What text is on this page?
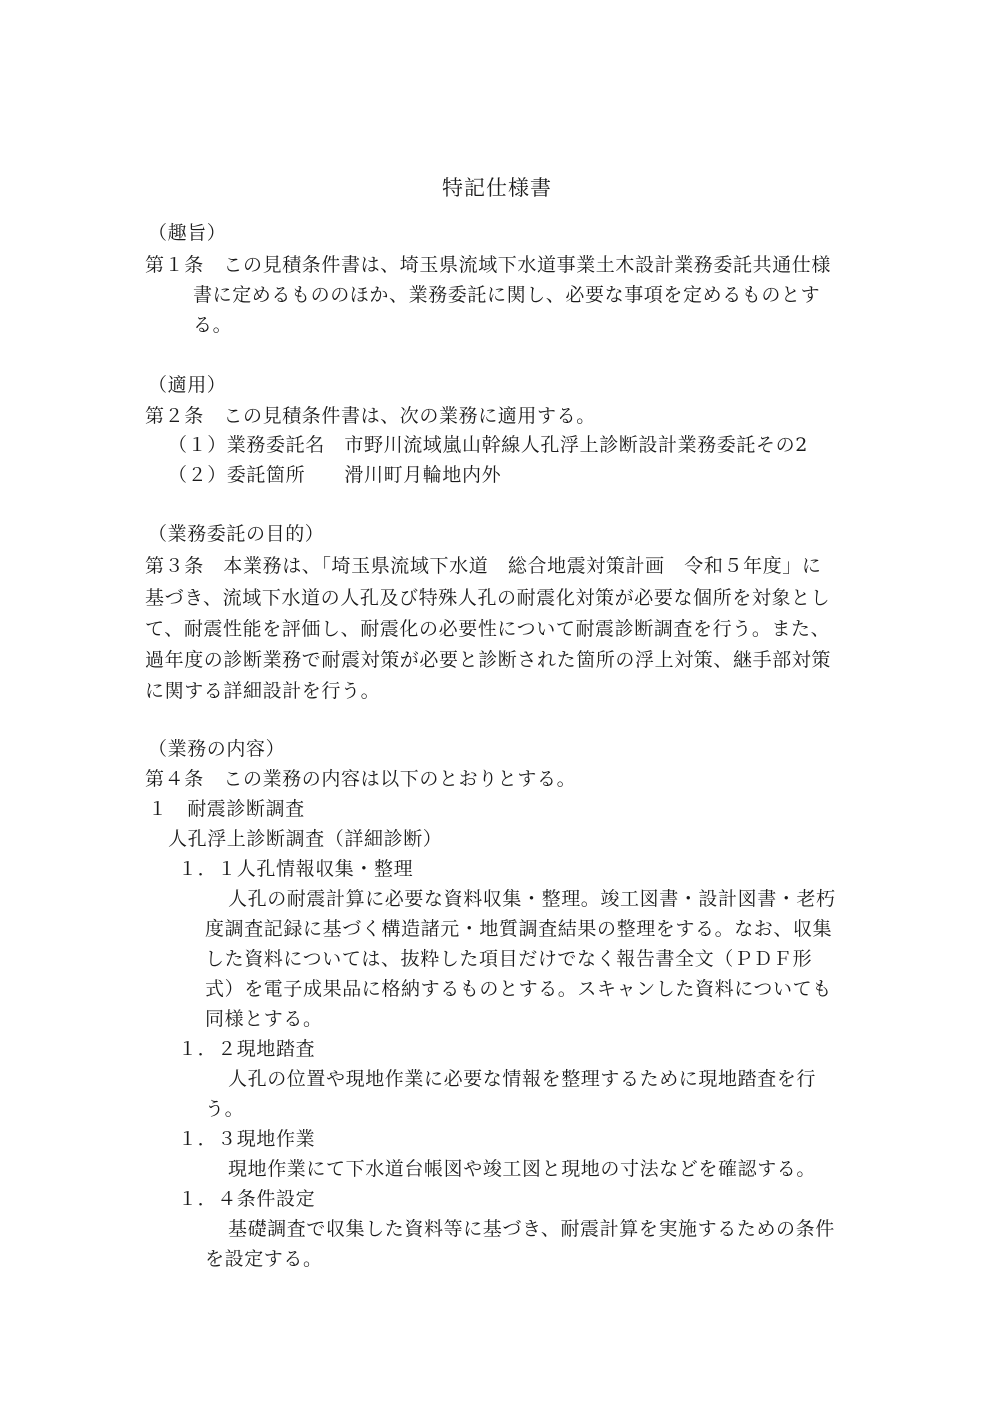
特記仕様書
（趣旨）
第１条　この見積条件書は、埼玉県流域下水道事業土木設計業務委託共通仕様
書に定めるもののほか、業務委託に関し、必要な事項を定めるものとす
る。
（適用）
第２条　この見積条件書は、次の業務に適用する。
（１）業務委託名　市野川流域嵐山幹線人孔浮上診断設計業務委託その2
（２）委託箇所　　滑川町月輪地内外
（業務委託の目的）
第３条　本業務は、「埼玉県流域下水道　総合地震対策計画　令和５年度」に
基づき、流域下水道の人孔及び特殊人孔の耐震化対策が必要な個所を対象とし
て、耐震性能を評価し、耐震化の必要性について耐震診断調査を行う。また、
過年度の診断業務で耐震対策が必要と診断された箇所の浮上対策、継手部対策
に関する詳細設計を行う。
（業務の内容）
第４条　この業務の内容は以下のとおりとする。
１　耐震診断調査
人孔浮上診断調査（詳細診断）
１．１人孔情報収集・整理
人孔の耐震計算に必要な資料収集・整理。竣工図書・設計図書・老朽
度調査記録に基づく構造諸元・地質調査結果の整理をする。なお、収集
した資料については、抜粋した項目だけでなく報告書全文（ＰＤＦ形
式）を電子成果品に格納するものとする。スキャンした資料についても
同様とする。
１．２現地踏査
人孔の位置や現地作業に必要な情報を整理するために現地踏査を行
う。
１．３現地作業
現地作業にて下水道台帳図や竣工図と現地の寸法などを確認する。
１．４条件設定
基礎調査で収集した資料等に基づき、耐震計算を実施するための条件
を設定する。
